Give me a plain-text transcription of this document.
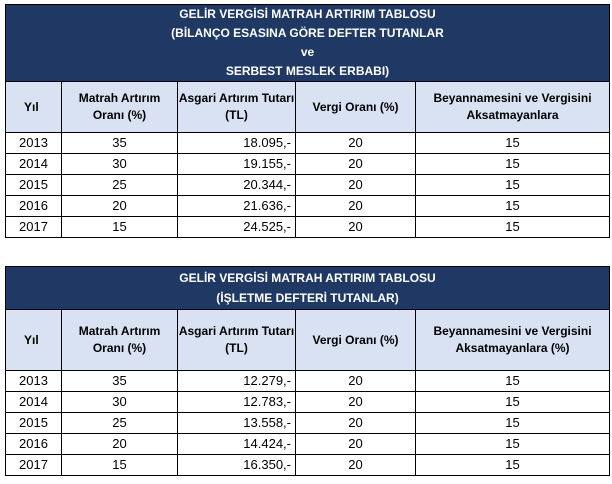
GELİR VERGİSİ MATRAH ARTIRIM TABLOSU
(BİLANÇO ESASINA GÖRE DEFTER TUTANLAR
ve
SERBEST MESLEK ERBABI)				

Yıl	Matrah Artırım Oranı (%)	Asgari Artırım Tutarı (TL)	Vergi Oranı (%)	Beyannamesini ve Vergisini Aksatmayanlara
2013	35	18.095,-	20	15
2014	30	19.155,-	20	15
2015	25	20.344,-	20	15
2016	20	21.636,-	20	15
2017	15	24.525,-	20	15
GELİR VERGİSİ MATRAH ARTIRIM TABLOSU
(İŞLETME DEFTERİ TUTANLAR)				

Yıl	Matrah Artırım Oranı (%)	Asgari Artırım Tutarı (TL)	Vergi Oranı (%)	Beyannamesini ve Vergisini Aksatmayanlara (%)
2013	35	12.279,-	20	15
2014	30	12.783,-	20	15
2015	25	13.558,-	20	15
2016	20	14.424,-	20	15
2017	15	16.350,-	20	15
